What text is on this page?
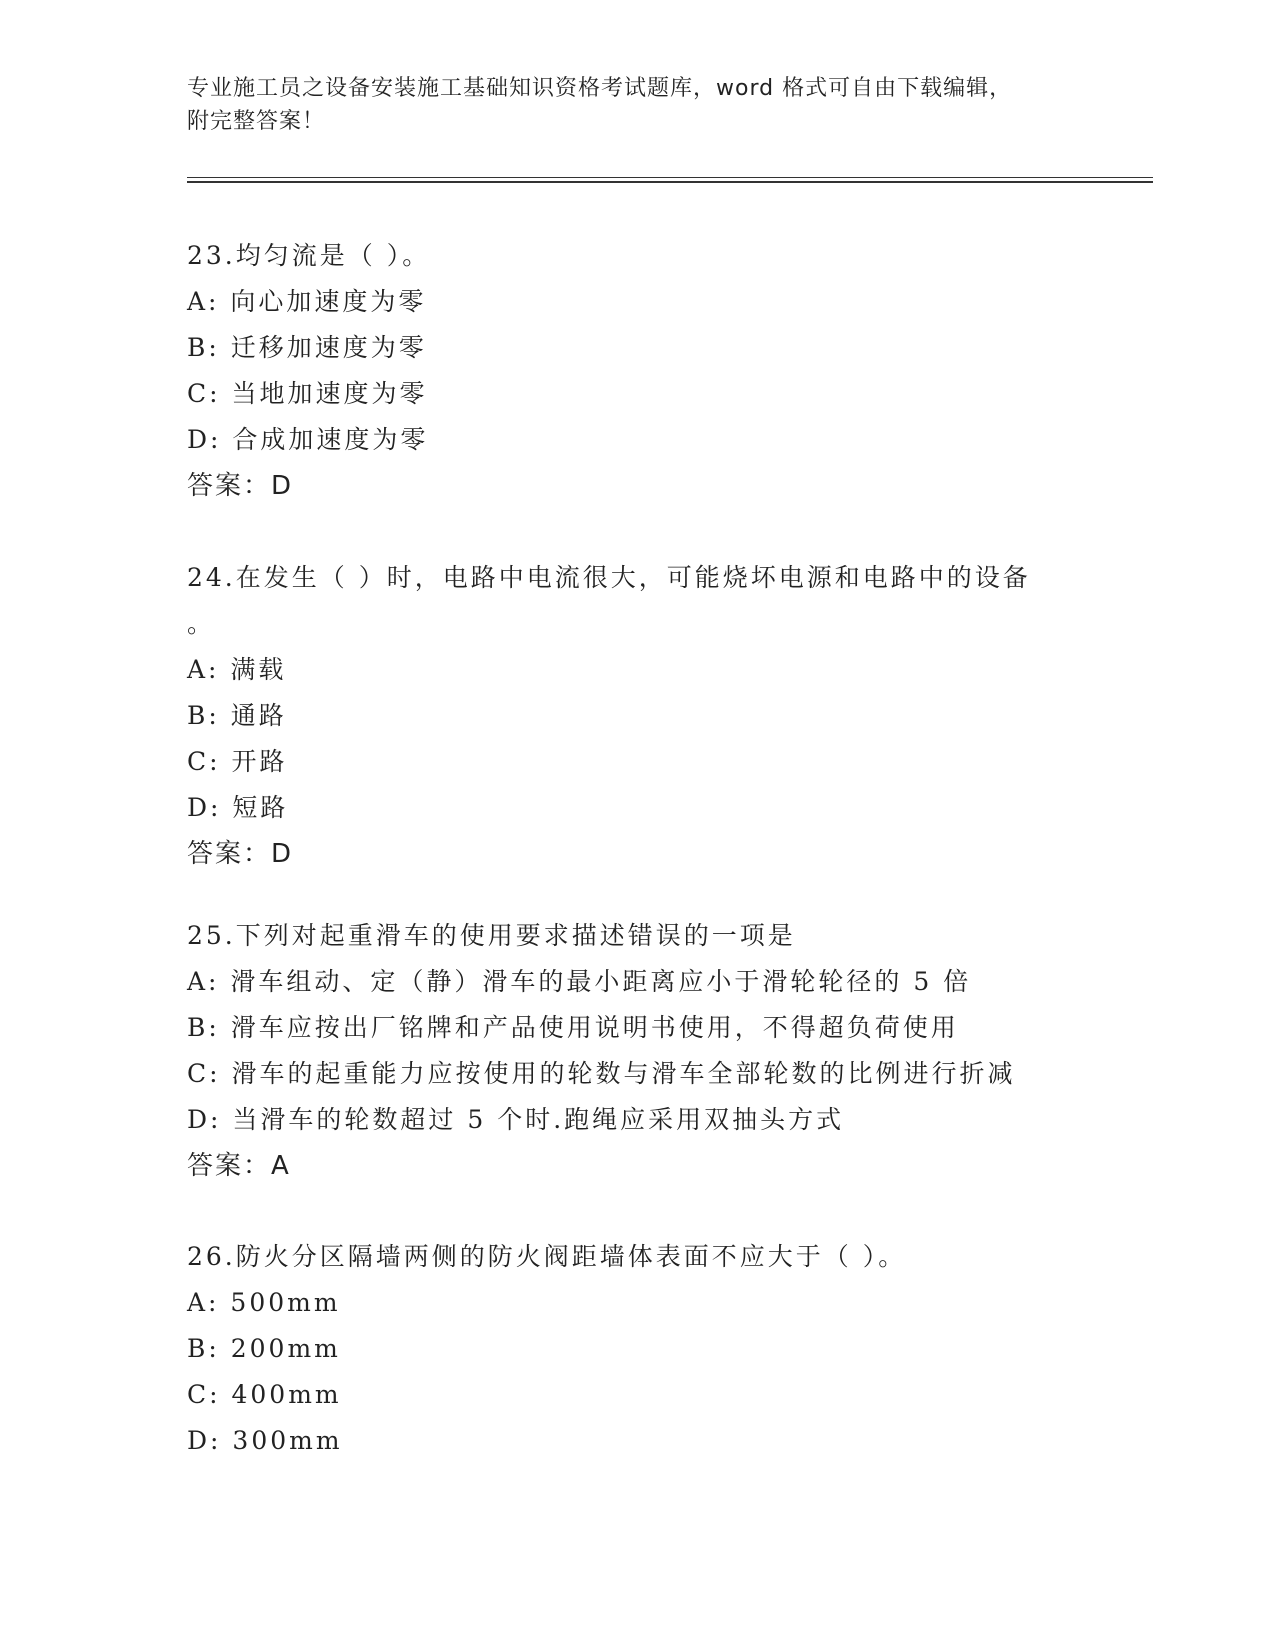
专业施工员之设备安装施工基础知识资格考试题库，word 格式可自由下载编辑，
附完整答案！
23.均匀流是（ ）。
A: 向心加速度为零
B: 迁移加速度为零
C: 当地加速度为零
D: 合成加速度为零
答案：D
24.在发生（ ）时，电路中电流很大，可能烧坏电源和电路中的设备
。
A: 满载
B: 通路
C: 开路
D: 短路
答案：D
25.下列对起重滑车的使用要求描述错误的一项是
A: 滑车组动、定（静）滑车的最小距离应小于滑轮轮径的 5 倍
B: 滑车应按出厂铭牌和产品使用说明书使用，不得超负荷使用
C: 滑车的起重能力应按使用的轮数与滑车全部轮数的比例进行折减
D: 当滑车的轮数超过 5 个时.跑绳应采用双抽头方式
答案：A
26.防火分区隔墙两侧的防火阀距墙体表面不应大于（ ）。
A: 500mm
B: 200mm
C: 400mm
D: 300mm
